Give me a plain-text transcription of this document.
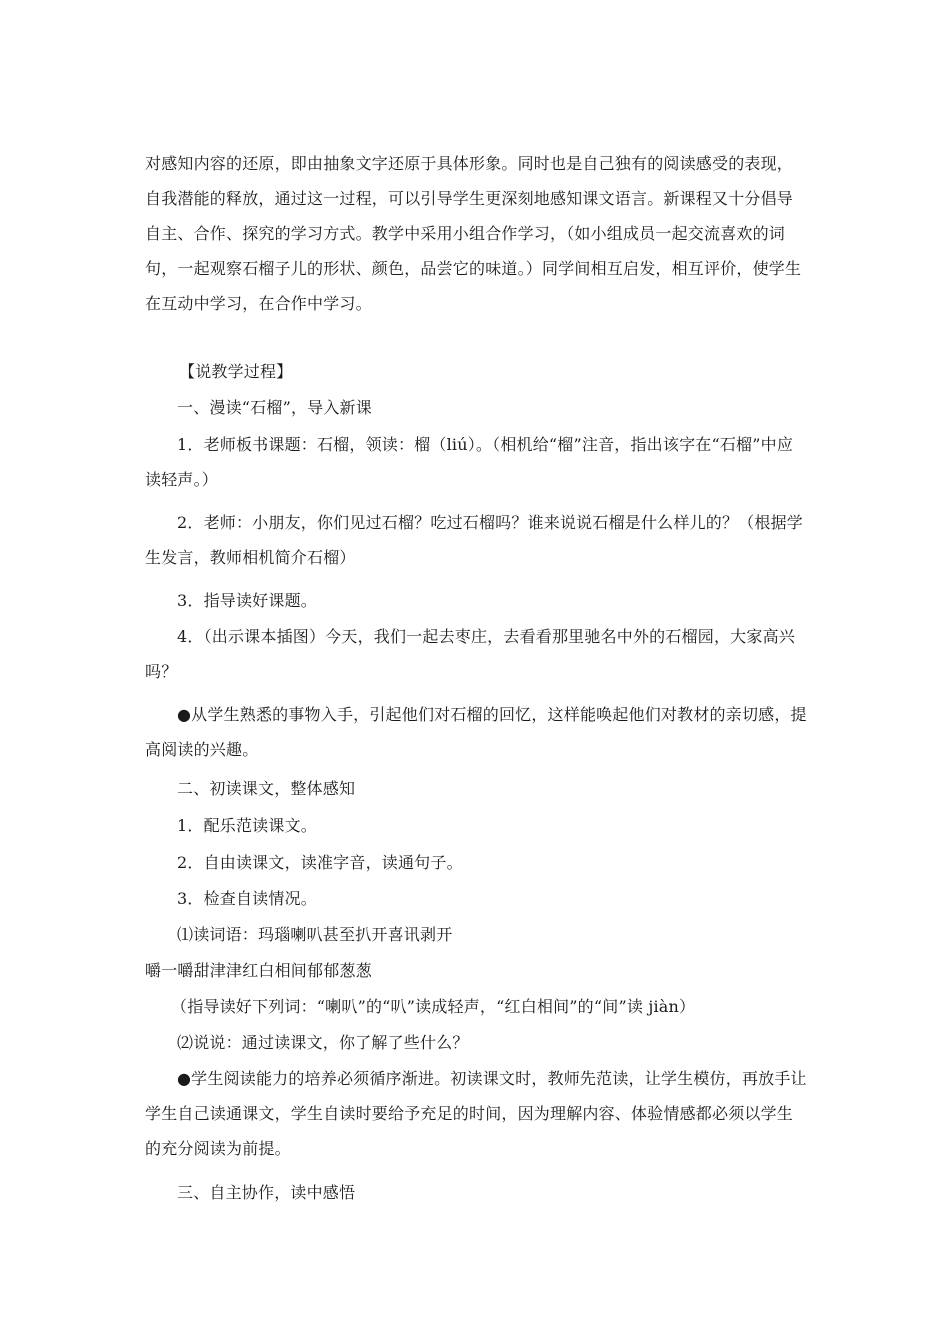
对感知内容的还原，即由抽象文字还原于具体形象。同时也是自己独有的阅读感受的表现，自我潜能的释放，通过这一过程，可以引导学生更深刻地感知课文语言。新课程又十分倡导自主、合作、探究的学习方式。教学中采用小组合作学习，（如小组成员一起交流喜欢的词句，一起观察石榴子儿的形状、颜色，品尝它的味道。）同学间相互启发，相互评价，使学生在互动中学习，在合作中学习。

【说教学过程】

一、漫读“石榴”，导入新课

1．老师板书课题：石榴，领读：榴（liú）。（相机给“榴”注音，指出该字在“石榴”中应读轻声。）

2．老师：小朋友，你们见过石榴？吃过石榴吗？谁来说说石榴是什么样儿的？（根据学生发言，教师相机简介石榴）

3．指导读好课题。

4．（出示课本插图）今天，我们一起去枣庄，去看看那里驰名中外的石榴园，大家高兴吗？

●从学生熟悉的事物入手，引起他们对石榴的回忆，这样能唤起他们对教材的亲切感，提高阅读的兴趣。

二、初读课文，整体感知

1．配乐范读课文。

2．自由读课文，读准字音，读通句子。

3．检查自读情况。

⑴读词语：玛瑙喇叭甚至扒开喜讯剥开

嚼一嚼甜津津红白相间郁郁葱葱

（指导读好下列词：“喇叭”的“叭”读成轻声，“红白相间”的“间”读 jiàn）

⑵说说：通过读课文，你了解了些什么？

●学生阅读能力的培养必须循序渐进。初读课文时，教师先范读，让学生模仿，再放手让学生自己读通课文，学生自读时要给予充足的时间，因为理解内容、体验情感都必须以学生的充分阅读为前提。

三、自主协作，读中感悟
